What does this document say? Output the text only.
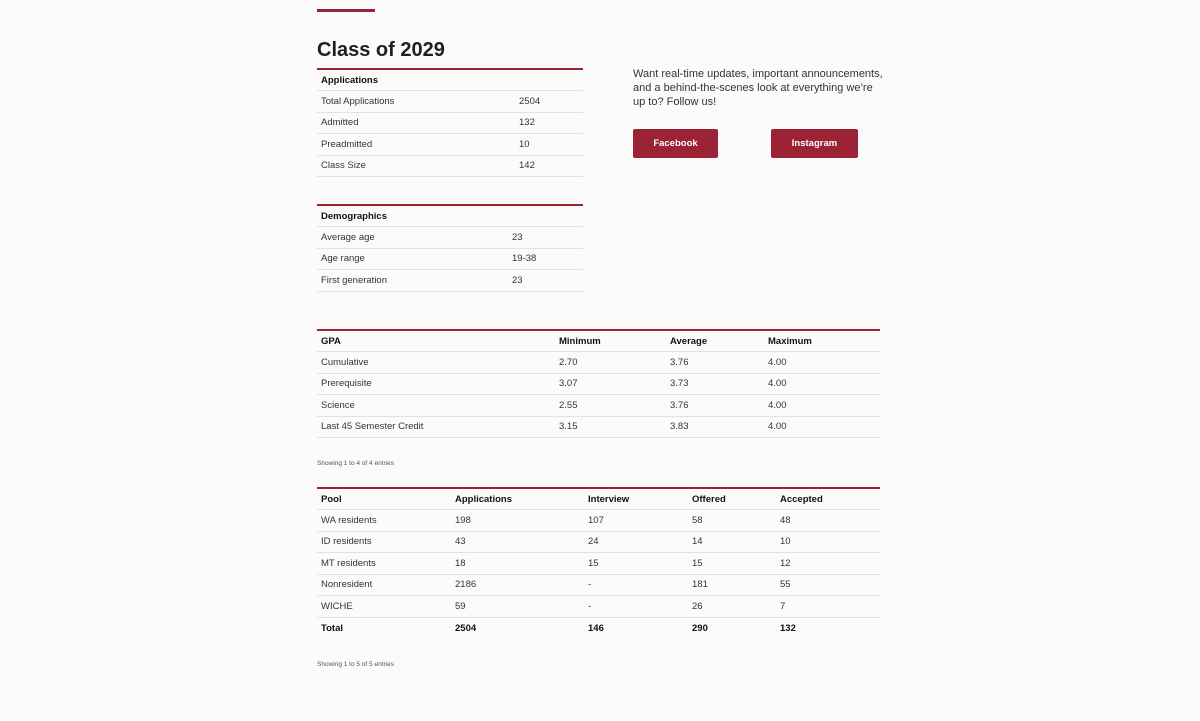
Class of 2029
Applications	
Total Applications	2504
Admitted	132
Preadmitted	10
Class Size	142
Demographics	
Average age	23
Age range	19-38
First generation	23

Want real-time updates, important announcements, and a behind-the-scenes look at everything we’re up to? Follow us!

Facebook	Instagram
GPA	Minimum	Average	Maximum
Cumulative	2.70	3.76	4.00
Prerequisite	3.07	3.73	4.00
Science	2.55	3.76	4.00
Last 45 Semester Credit	3.15	3.83	4.00
Showing 1 to 4 of 4 entries
Pool	Applications	Interview	Offered	Accepted
WA residents	198	107	58	48
ID residents	43	24	14	10
MT residents	18	15	15	12
Nonresident	2186	-	181	55
WICHE	59	-	26	7
Total	2504	146	290	132
Showing 1 to 5 of 5 entries
